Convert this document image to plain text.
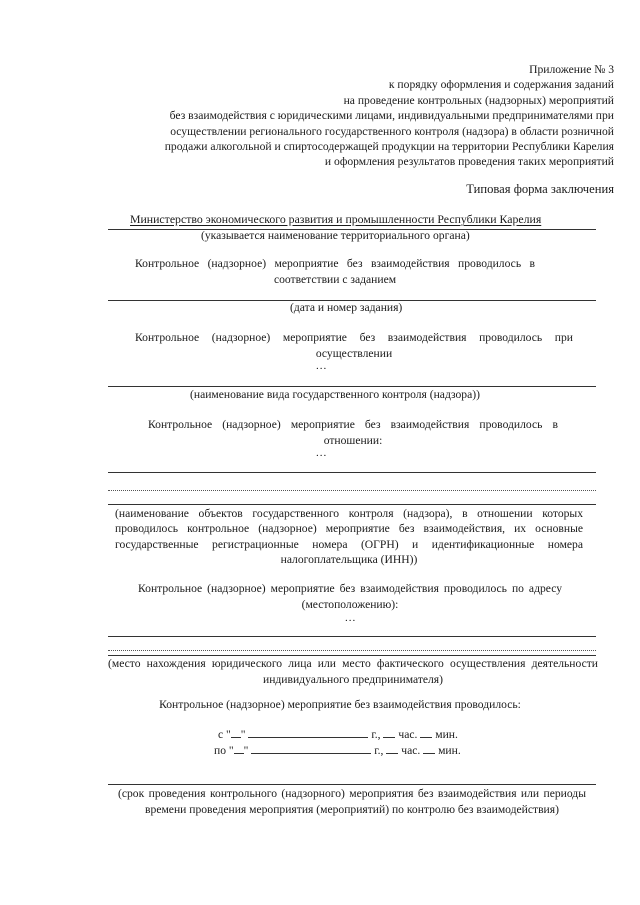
Приложение № 3
к порядку оформления и содержания заданий
на проведение контрольных (надзорных) мероприятий
без взаимодействия с юридическими лицами, индивидуальными предпринимателями при
осуществлении регионального государственного контроля (надзора) в области розничной
продажи алкогольной и спиртосодержащей продукции на территории Республики Карелия
и оформления результатов проведения таких мероприятий
Типовая форма заключения
Министерство экономического развития и промышленности Республики Карелия
(указывается наименование территориального органа)
Контрольное (надзорное) мероприятие без взаимодействия проводилось в соответствии с заданием
(дата и номер задания)
Контрольное (надзорное) мероприятие без взаимодействия проводилось при осуществлении
...
(наименование вида государственного контроля (надзора))
Контрольное (надзорное) мероприятие без взаимодействия проводилось в отношении:
...
(наименование объектов государственного контроля (надзора), в отношении которых проводилось контрольное (надзорное) мероприятие без взаимодействия, их основные государственные регистрационные номера (ОГРН) и идентификационные номера налогоплательщика (ИНН))
Контрольное (надзорное) мероприятие без взаимодействия проводилось по адресу (местоположению):
...
(место нахождения юридического лица или место фактического осуществления деятельности индивидуального предпринимателя)
Контрольное (надзорное) мероприятие без взаимодействия проводилось:
с " "	г., час. мин.
по " "	г., час. мин.
(срок проведения контрольного (надзорного) мероприятия без взаимодействия или периоды времени проведения мероприятия (мероприятий) по контролю без взаимодействия)
